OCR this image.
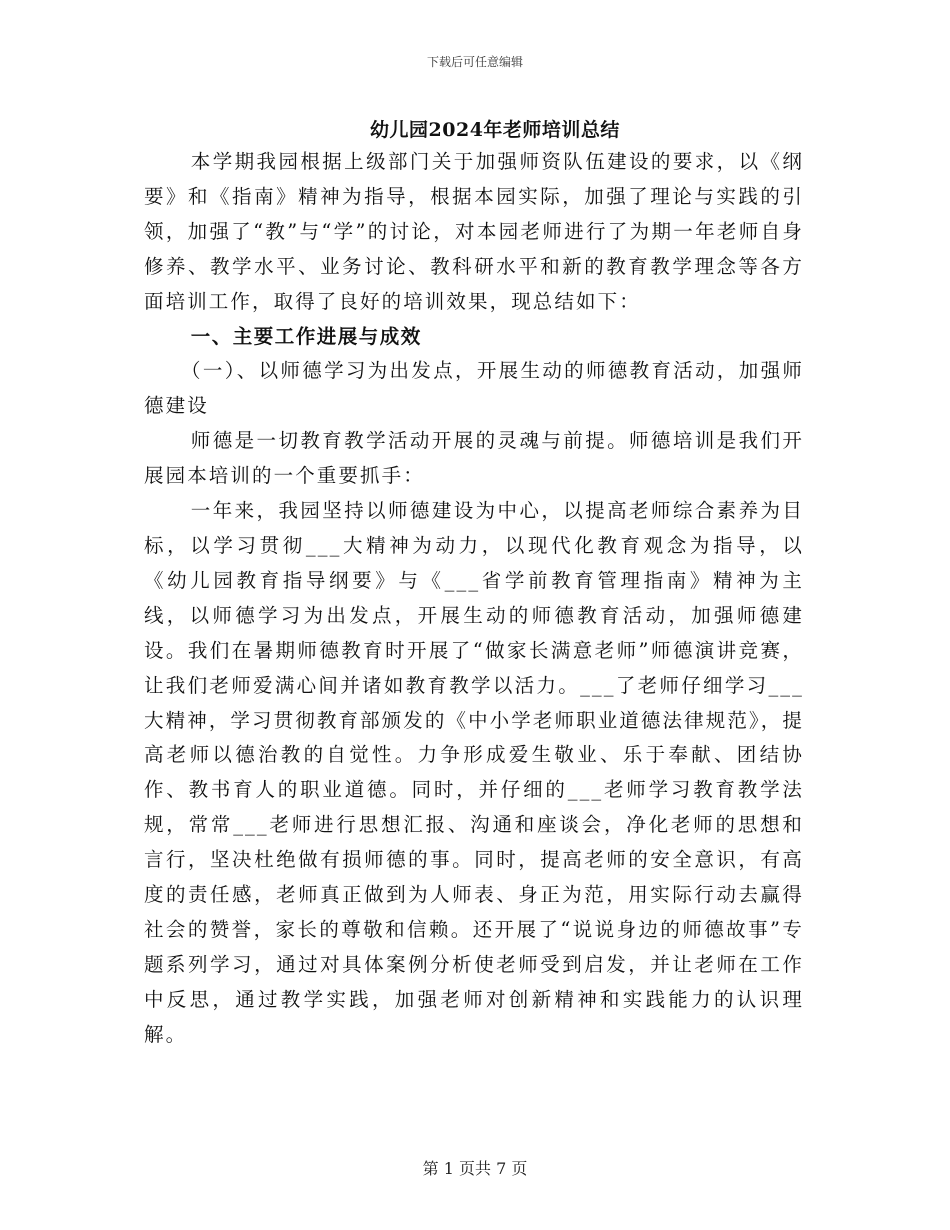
下载后可任意编辑
幼儿园2024年老师培训总结

本学期我园根据上级部门关于加强师资队伍建设的要求，以《纲要》和《指南》精神为指导，根据本园实际，加强了理论与实践的引领，加强了“教”与“学”的讨论，对本园老师进行了为期一年老师自身修养、教学水平、业务讨论、教科研水平和新的教育教学理念等各方面培训工作，取得了良好的培训效果，现总结如下：

一、主要工作进展与成效

（一）、以师德学习为出发点，开展生动的师德教育活动，加强师德建设

师德是一切教育教学活动开展的灵魂与前提。师德培训是我们开展园本培训的一个重要抓手：

一年来，我园坚持以师德建设为中心，以提高老师综合素养为目标，以学习贯彻___大精神为动力，以现代化教育观念为指导，以《幼儿园教育指导纲要》与《___省学前教育管理指南》精神为主线，以师德学习为出发点，开展生动的师德教育活动，加强师德建设。我们在暑期师德教育时开展了“做家长满意老师”师德演讲竞赛，让我们老师爱满心间并诸如教育教学以活力。___了老师仔细学习___大精神，学习贯彻教育部颁发的《中小学老师职业道德法律规范》，提高老师以德治教的自觉性。力争形成爱生敬业、乐于奉献、团结协作、教书育人的职业道德。同时，并仔细的___老师学习教育教学法规，常常___老师进行思想汇报、沟通和座谈会，净化老师的思想和言行，坚决杜绝做有损师德的事。同时，提高老师的安全意识，有高度的责任感，老师真正做到为人师表、身正为范，用实际行动去赢得社会的赞誉，家长的尊敬和信赖。还开展了“说说身边的师德故事”专题系列学习，通过对具体案例分析使老师受到启发，并让老师在工作中反思，通过教学实践，加强老师对创新精神和实践能力的认识理解。

第 1 页共 7 页
